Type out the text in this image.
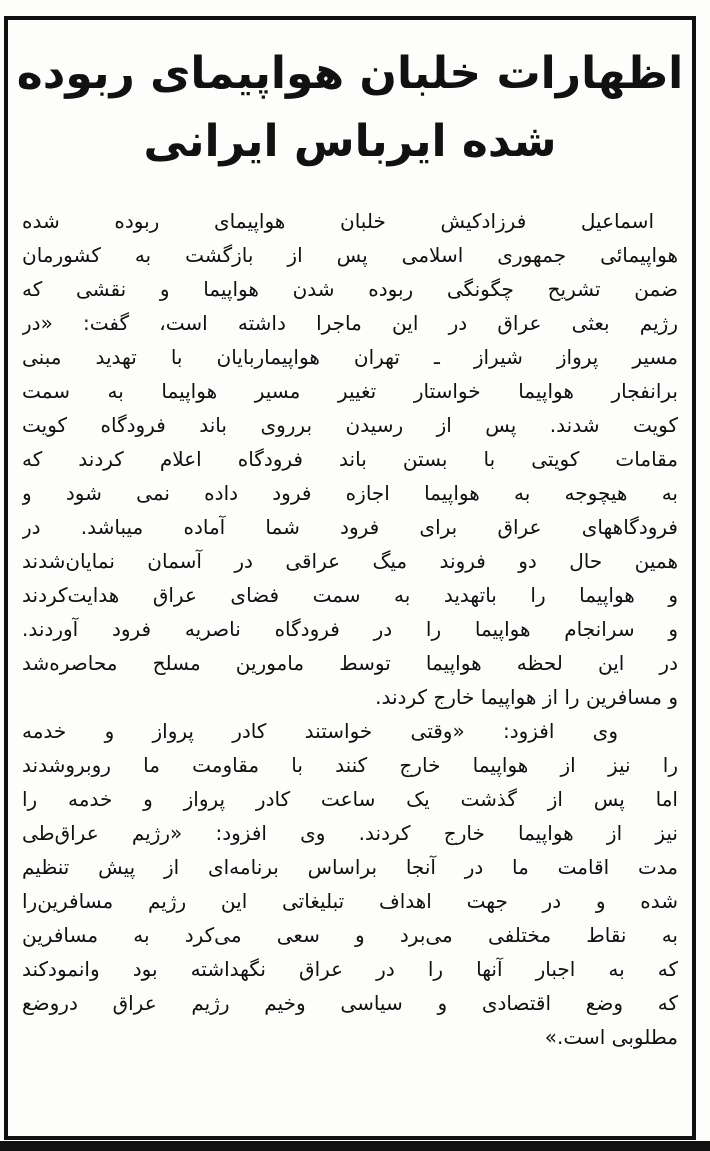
اظهارات خلبان هواپیمای ربوده
شده ایرباس ایرانی
اسماعیل فرزادکیش خلبان هواپیمای ربوده شده
هواپیمائی جمهوری اسلامی پس از بازگشت به کشورمان
ضمن تشریح چگونگی ربوده شدن هواپیما و نقشی که
رژیم بعثی عراق در این ماجرا داشته است، گفت: «در
مسیر پرواز شیراز ـ تهران هواپیماربایان با تهدید مبنی
برانفجار هواپیما خواستار تغییر مسیر هواپیما به سمت
کویت شدند. پس از رسیدن برروی باند فرودگاه کویت
مقامات کویتی با بستن باند فرودگاه اعلام کردند که
به هیچوجه به هواپیما اجازه فرود داده نمی شود و
فرودگاههای عراق برای فرود شما آماده میباشد. در
همین حال دو فروند میگ عراقی در آسمان نمایان‌شدند
و هواپیما را باتهدید به سمت فضای عراق هدایت‌کردند
و سرانجام هواپیما را در فرودگاه ناصریه فرود آوردند.
در این لحظه هواپیما توسط مامورین مسلح محاصره‌شد
و مسافرین را از هواپیما خارج کردند.
وی افزود: «وقتی خواستند کادر پرواز و خدمه
را نیز از هواپیما خارج کنند با مقاومت ما روبروشدند
اما پس از گذشت یک ساعت کادر پرواز و خدمه را
نیز از هواپیما خارج کردند. وی افزود: «رژیم عراق‌طی
مدت اقامت ما در آنجا براساس برنامه‌ای از پیش تنظیم
شده و در جهت اهداف تبلیغاتی این رژیم مسافرین‌را
به نقاط مختلفی می‌برد و سعی می‌کرد به مسافرین
که به اجبار آنها را در عراق نگهداشته بود وانمودکند
که وضع اقتصادی و سیاسی وخیم رژیم عراق دروضع
مطلوبی است.»
